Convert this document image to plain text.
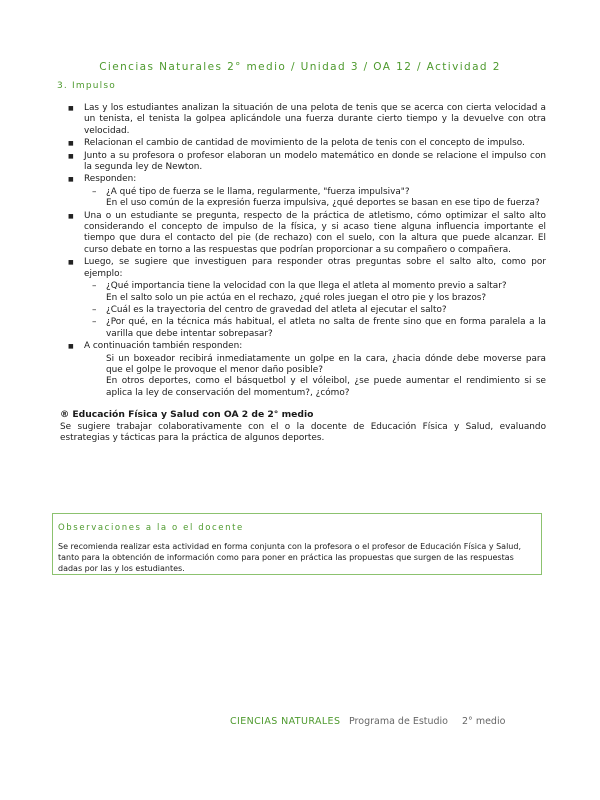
Ciencias Naturales 2° medio / Unidad 3 / OA 12 / Actividad 2
3. Impulso
■ Las y los estudiantes analizan la situación de una pelota de tenis que se acerca con cierta velocidad a un tenista, el tenista la golpea aplicándole una fuerza durante cierto tiempo y la devuelve con otra velocidad.
■ Relacionan el cambio de cantidad de movimiento de la pelota de tenis con el concepto de impulso.
■ Junto a su profesora o profesor elaboran un modelo matemático en donde se relacione el impulso con la segunda ley de Newton.
■ Responden:
– ¿A qué tipo de fuerza se le llama, regularmente, "fuerza impulsiva"?
En el uso común de la expresión fuerza impulsiva, ¿qué deportes se basan en ese tipo de fuerza?
■ Una o un estudiante se pregunta, respecto de la práctica de atletismo, cómo optimizar el salto alto considerando el concepto de impulso de la física, y si acaso tiene alguna influencia importante el tiempo que dura el contacto del pie (de rechazo) con el suelo, con la altura que puede alcanzar. El curso debate en torno a las respuestas que podrían proporcionar a su compañero o compañera.
■ Luego, se sugiere que investiguen para responder otras preguntas sobre el salto alto, como por ejemplo:
– ¿Qué importancia tiene la velocidad con la que llega el atleta al momento previo a saltar?
En el salto solo un pie actúa en el rechazo, ¿qué roles juegan el otro pie y los brazos?
– ¿Cuál es la trayectoria del centro de gravedad del atleta al ejecutar el salto?
– ¿Por qué, en la técnica más habitual, el atleta no salta de frente sino que en forma paralela a la varilla que debe intentar sobrepasar?
■ A continuación también responden:
Si un boxeador recibirá inmediatamente un golpe en la cara, ¿hacia dónde debe moverse para que el golpe le provoque el menor daño posible?
En otros deportes, como el básquetbol y el vóleibol, ¿se puede aumentar el rendimiento si se aplica la ley de conservación del momentum?, ¿cómo?
® Educación Física y Salud con OA 2 de 2° medio
Se sugiere trabajar colaborativamente con el o la docente de Educación Física y Salud, evaluando estrategias y tácticas para la práctica de algunos deportes.
Observaciones a la o el docente
Se recomienda realizar esta actividad en forma conjunta con la profesora o el profesor de Educación Física y Salud, tanto para la obtención de información como para poner en práctica las propuestas que surgen de las respuestas dadas por las y los estudiantes.
CIENCIAS NATURALES Programa de Estudio 2° medio
